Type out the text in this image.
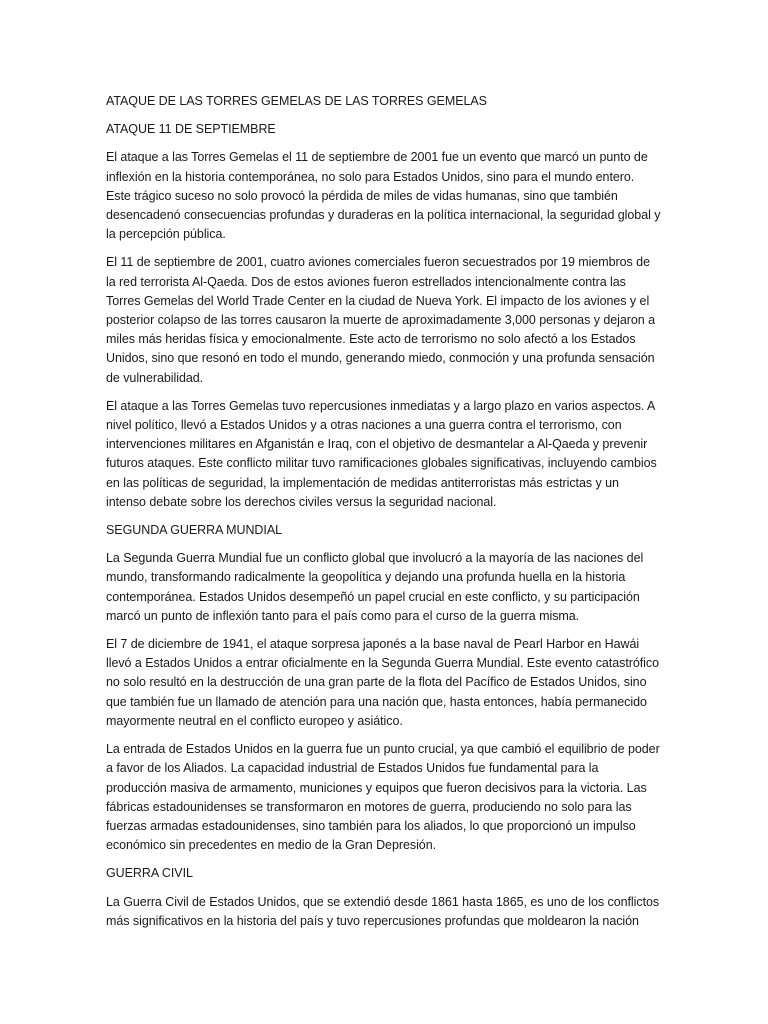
ATAQUE DE LAS TORRES GEMELAS DE LAS TORRES GEMELAS

ATAQUE 11 DE SEPTIEMBRE

El ataque a las Torres Gemelas el 11 de septiembre de 2001 fue un evento que marcó un punto de inflexión en la historia contemporánea, no solo para Estados Unidos, sino para el mundo entero. Este trágico suceso no solo provocó la pérdida de miles de vidas humanas, sino que también desencadenó consecuencias profundas y duraderas en la política internacional, la seguridad global y la percepción pública.

El 11 de septiembre de 2001, cuatro aviones comerciales fueron secuestrados por 19 miembros de la red terrorista Al-Qaeda. Dos de estos aviones fueron estrellados intencionalmente contra las Torres Gemelas del World Trade Center en la ciudad de Nueva York. El impacto de los aviones y el posterior colapso de las torres causaron la muerte de aproximadamente 3,000 personas y dejaron a miles más heridas física y emocionalmente. Este acto de terrorismo no solo afectó a los Estados Unidos, sino que resonó en todo el mundo, generando miedo, conmoción y una profunda sensación de vulnerabilidad.

El ataque a las Torres Gemelas tuvo repercusiones inmediatas y a largo plazo en varios aspectos. A nivel político, llevó a Estados Unidos y a otras naciones a una guerra contra el terrorismo, con intervenciones militares en Afganistán e Iraq, con el objetivo de desmantelar a Al-Qaeda y prevenir futuros ataques. Este conflicto militar tuvo ramificaciones globales significativas, incluyendo cambios en las políticas de seguridad, la implementación de medidas antiterroristas más estrictas y un intenso debate sobre los derechos civiles versus la seguridad nacional.

SEGUNDA GUERRA MUNDIAL

La Segunda Guerra Mundial fue un conflicto global que involucró a la mayoría de las naciones del mundo, transformando radicalmente la geopolítica y dejando una profunda huella en la historia contemporánea. Estados Unidos desempeñó un papel crucial en este conflicto, y su participación marcó un punto de inflexión tanto para el país como para el curso de la guerra misma.

El 7 de diciembre de 1941, el ataque sorpresa japonés a la base naval de Pearl Harbor en Hawái llevó a Estados Unidos a entrar oficialmente en la Segunda Guerra Mundial. Este evento catastrófico no solo resultó en la destrucción de una gran parte de la flota del Pacífico de Estados Unidos, sino que también fue un llamado de atención para una nación que, hasta entonces, había permanecido mayormente neutral en el conflicto europeo y asiático.

La entrada de Estados Unidos en la guerra fue un punto crucial, ya que cambió el equilibrio de poder a favor de los Aliados. La capacidad industrial de Estados Unidos fue fundamental para la producción masiva de armamento, municiones y equipos que fueron decisivos para la victoria. Las fábricas estadounidenses se transformaron en motores de guerra, produciendo no solo para las fuerzas armadas estadounidenses, sino también para los aliados, lo que proporcionó un impulso económico sin precedentes en medio de la Gran Depresión.

GUERRA CIVIL

La Guerra Civil de Estados Unidos, que se extendió desde 1861 hasta 1865, es uno de los conflictos más significativos en la historia del país y tuvo repercusiones profundas que moldearon la nación
